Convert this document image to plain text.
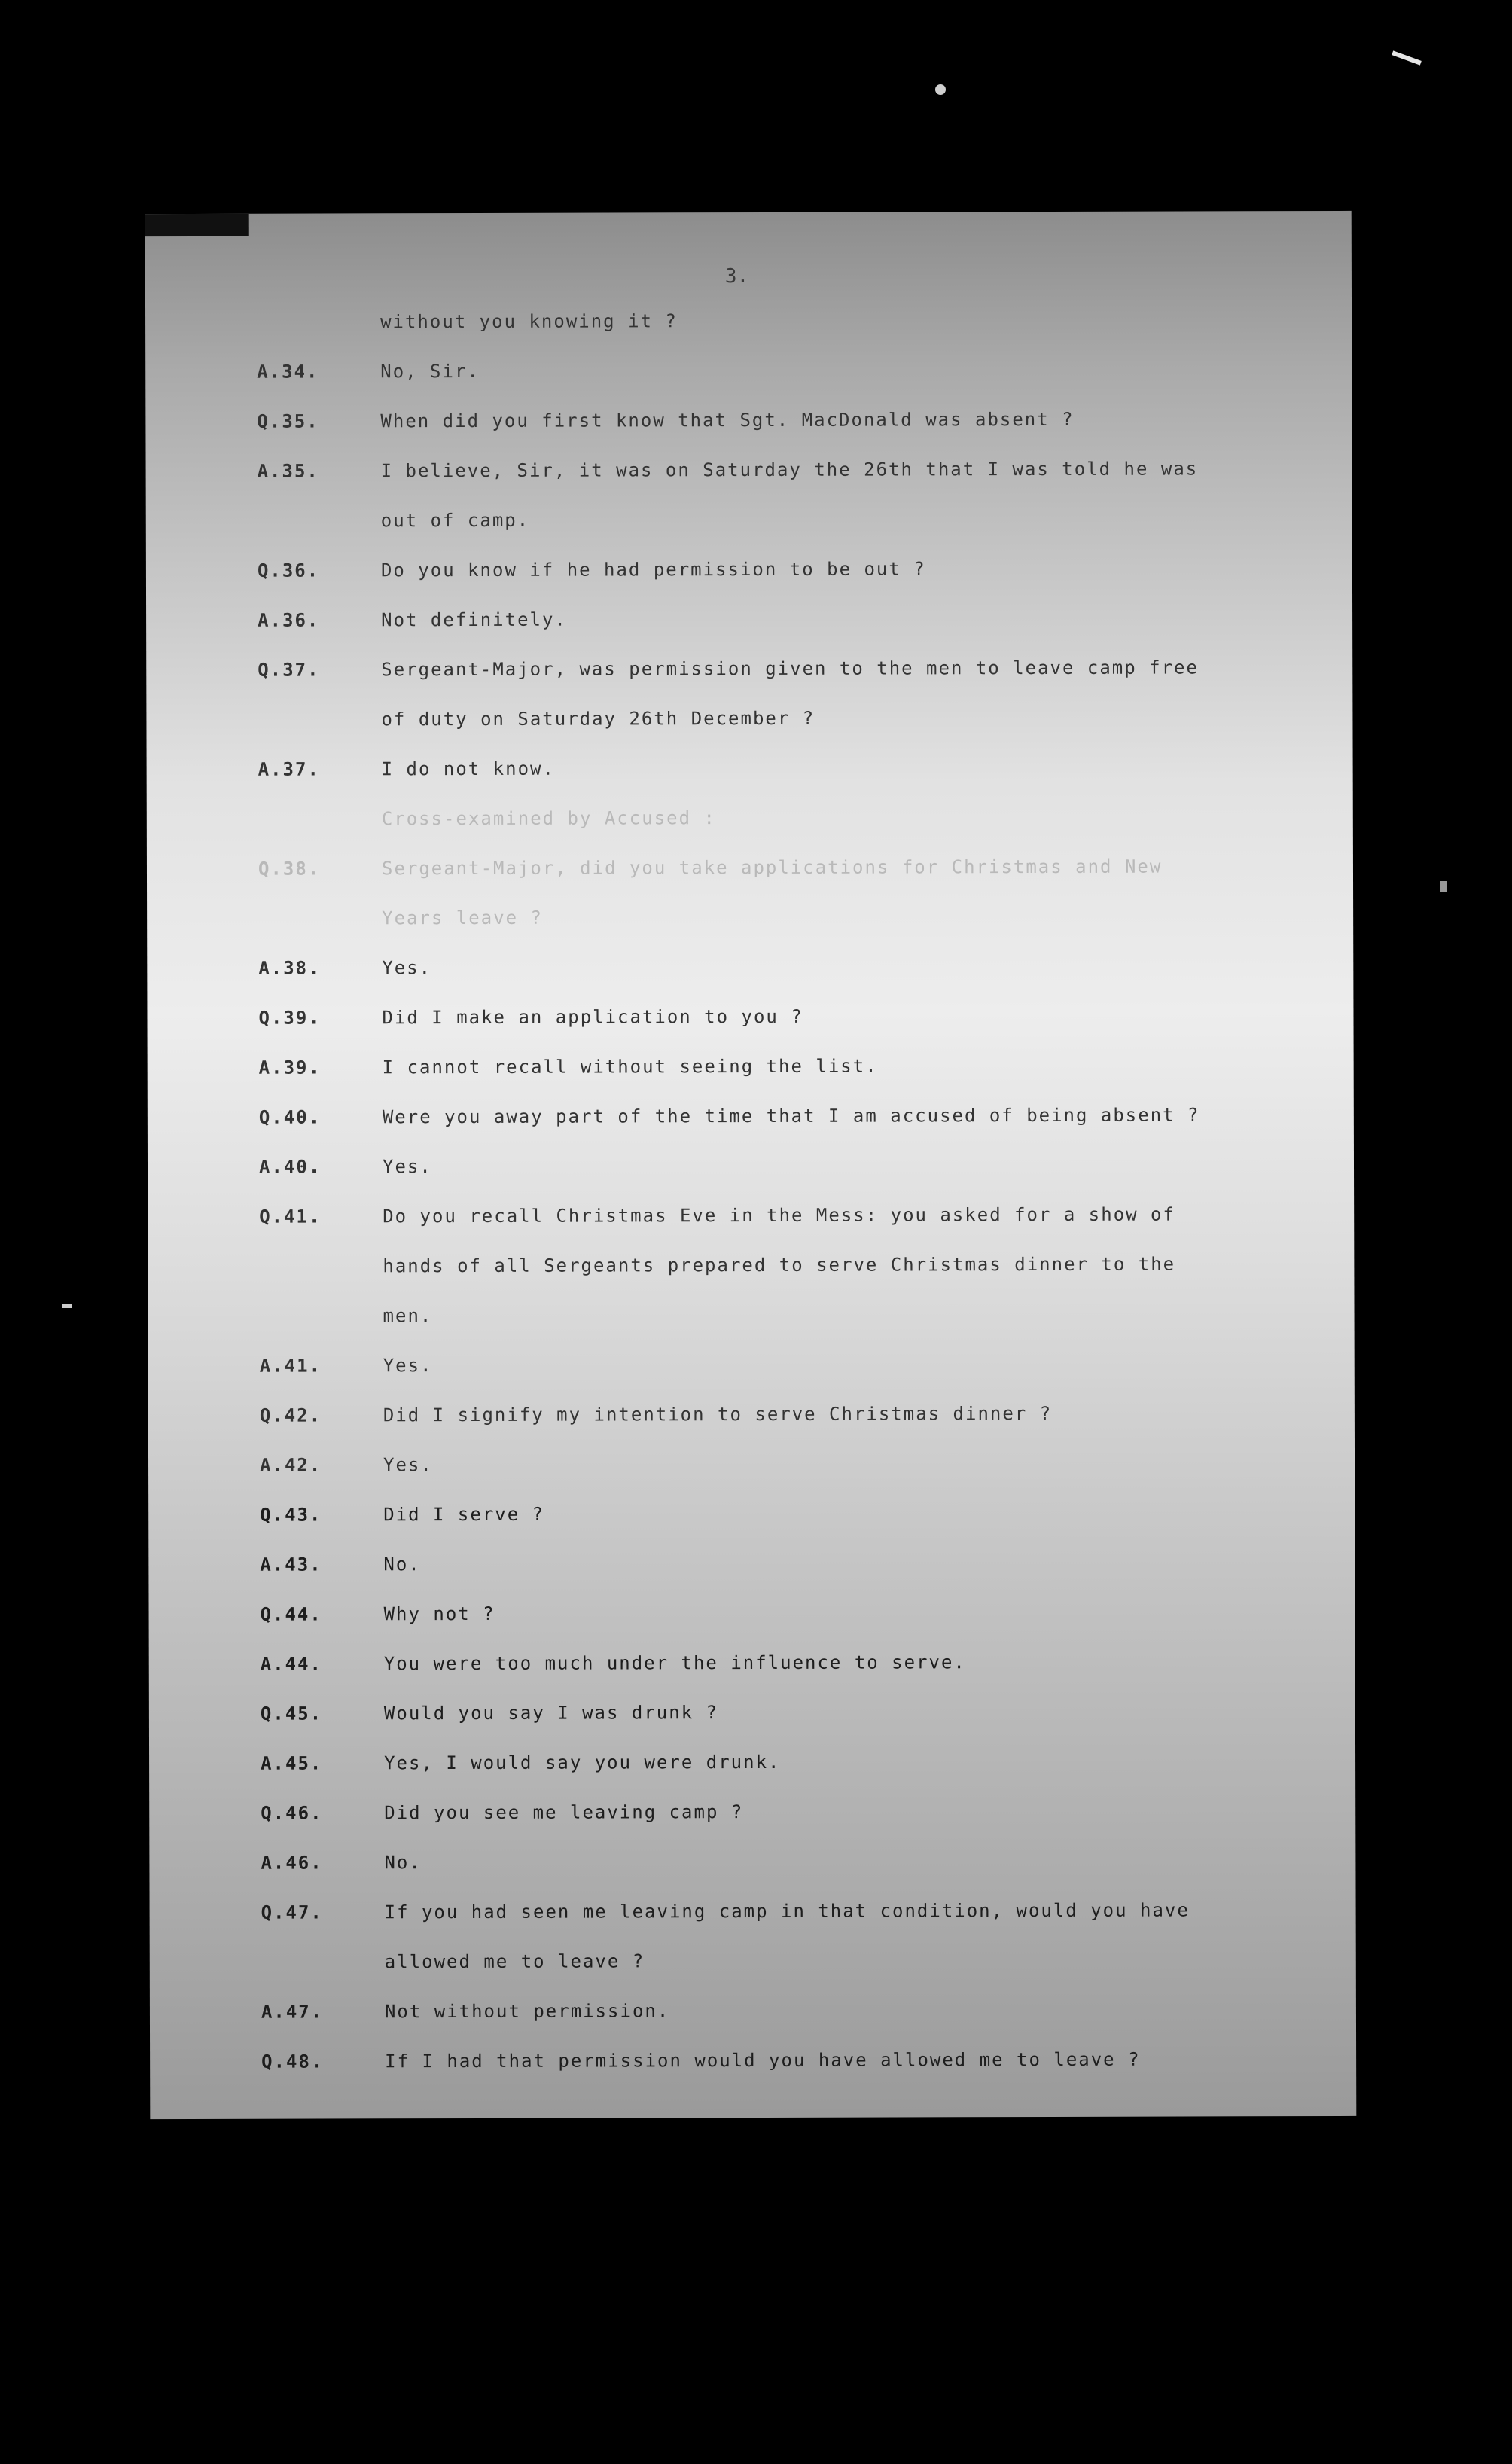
3.
without you knowing it ?
A.34.	No, Sir.
Q.35.	When did you first know that Sgt. MacDonald was absent ?
A.35.	I believe, Sir, it was on Saturday the 26th that I was told he was
out of camp.
Q.36.	Do you know if he had permission to be out ?
A.36.	Not definitely.
Q.37.	Sergeant-Major, was permission given to the men to leave camp free
of duty on Saturday 26th December ?
A.37.	I do not know.
Cross-examined by Accused :
Q.38.	Sergeant-Major, did you take applications for Christmas and New
Years leave ?
A.38.	Yes.
Q.39.	Did I make an application to you ?
A.39.	I cannot recall without seeing the list.
Q.40.	Were you away part of the time that I am accused of being absent ?
A.40.	Yes.
Q.41.	Do you recall Christmas Eve in the Mess: you asked for a show of
hands of all Sergeants prepared to serve Christmas dinner to the
men.
A.41.	Yes.
Q.42.	Did I signify my intention to serve Christmas dinner ?
A.42.	Yes.
Q.43.	Did I serve ?
A.43.	No.
Q.44.	Why not ?
A.44.	You were too much under the influence to serve.
Q.45.	Would you say I was drunk ?
A.45.	Yes, I would say you were drunk.
Q.46.	Did you see me leaving camp ?
A.46.	No.
Q.47.	If you had seen me leaving camp in that condition, would you have
allowed me to leave ?
A.47.	Not without permission.
Q.48.	If I had that permission would you have allowed me to leave ?
